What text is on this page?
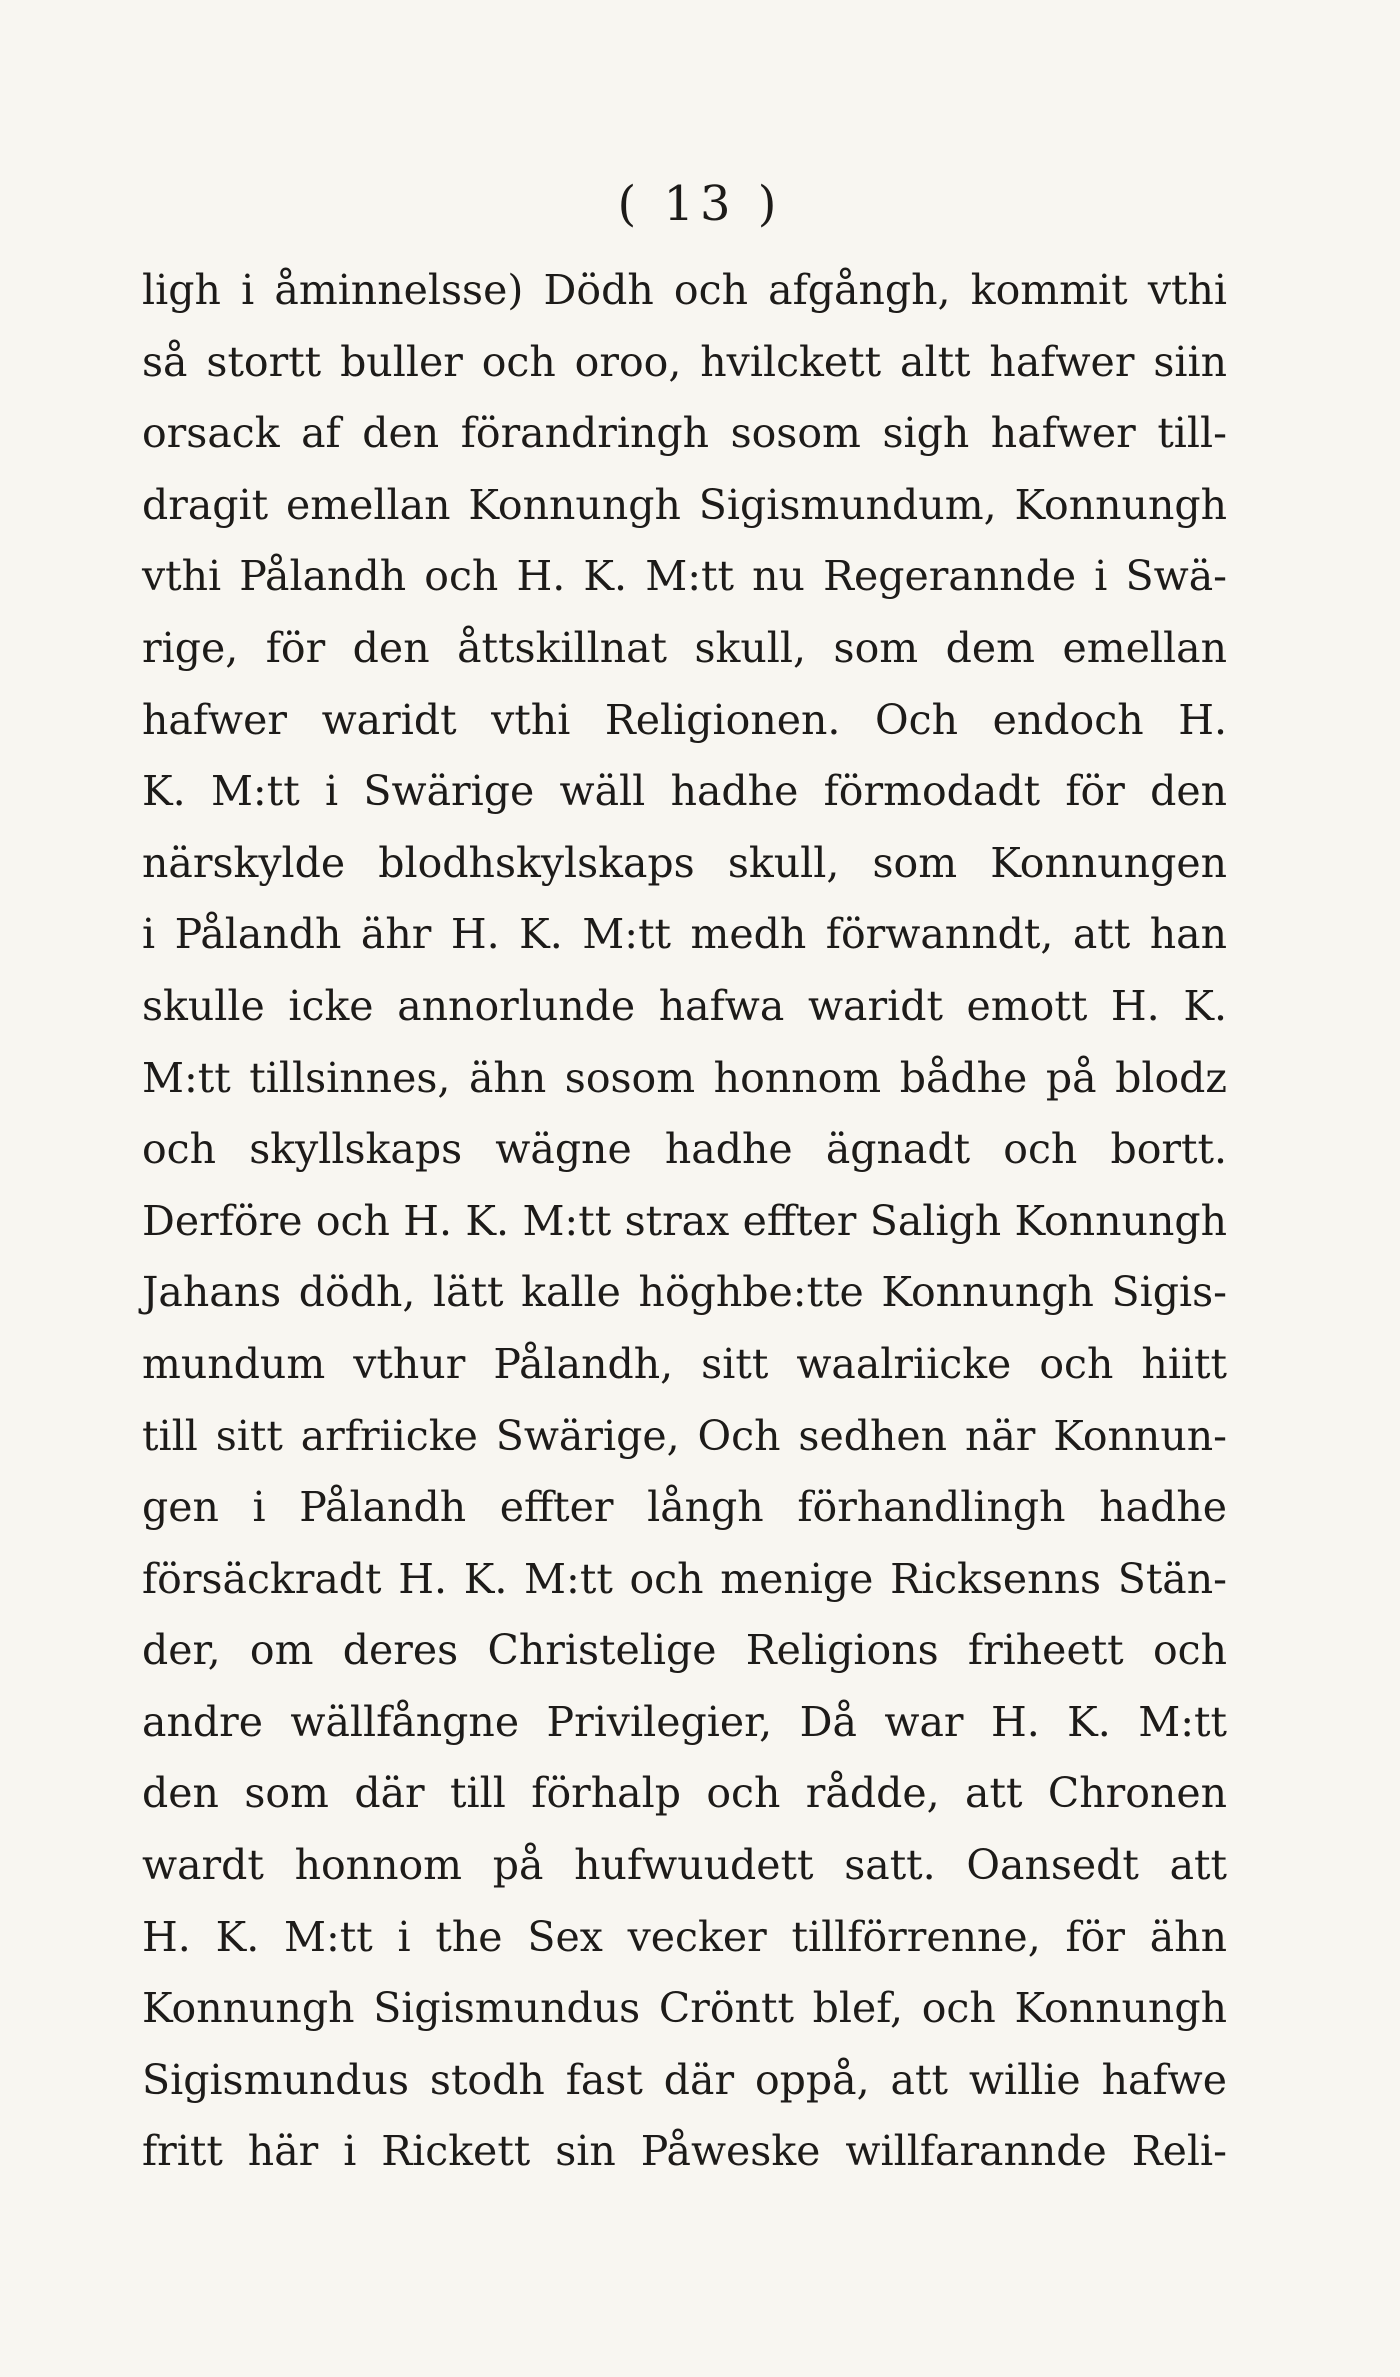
( 13 )
ligh i åminnelsse) Dödh och afgångh, kommit vthi
så stortt buller och oroo, hvilckett altt hafwer siin
orsack af den förandringh sosom sigh hafwer till-
dragit emellan Konnungh Sigismundum, Konnungh
vthi Pålandh och H. K. M:tt nu Regerannde i Swä-
rige, för den åttskillnat skull, som dem emellan
hafwer waridt vthi Religionen. Och endoch H.
K. M:tt i Swärige wäll hadhe förmodadt för den
närskylde blodhskylskaps skull, som Konnungen
i Pålandh ähr H. K. M:tt medh förwanndt, att han
skulle icke annorlunde hafwa waridt emott H. K.
M:tt tillsinnes, ähn sosom honnom bådhe på blodz
och skyllskaps wägne hadhe ägnadt och bortt.
Derföre och H. K. M:tt strax effter Saligh Konnungh
Jahans dödh, lätt kalle höghbe:tte Konnungh Sigis-
mundum vthur Pålandh, sitt waalriicke och hiitt
till sitt arfriicke Swärige, Och sedhen när Konnun-
gen i Pålandh effter långh förhandlingh hadhe
försäckradt H. K. M:tt och menige Ricksenns Stän-
der, om deres Christelige Religions friheett och
andre wällfångne Privilegier, Då war H. K. M:tt
den som där till förhalp och rådde, att Chronen
wardt honnom på hufwuudett satt. Oansedt att
H. K. M:tt i the Sex vecker tillförrenne, för ähn
Konnungh Sigismundus Cröntt blef, och Konnungh
Sigismundus stodh fast där oppå, att willie hafwe
fritt här i Rickett sin Påweske willfarannde Reli-
